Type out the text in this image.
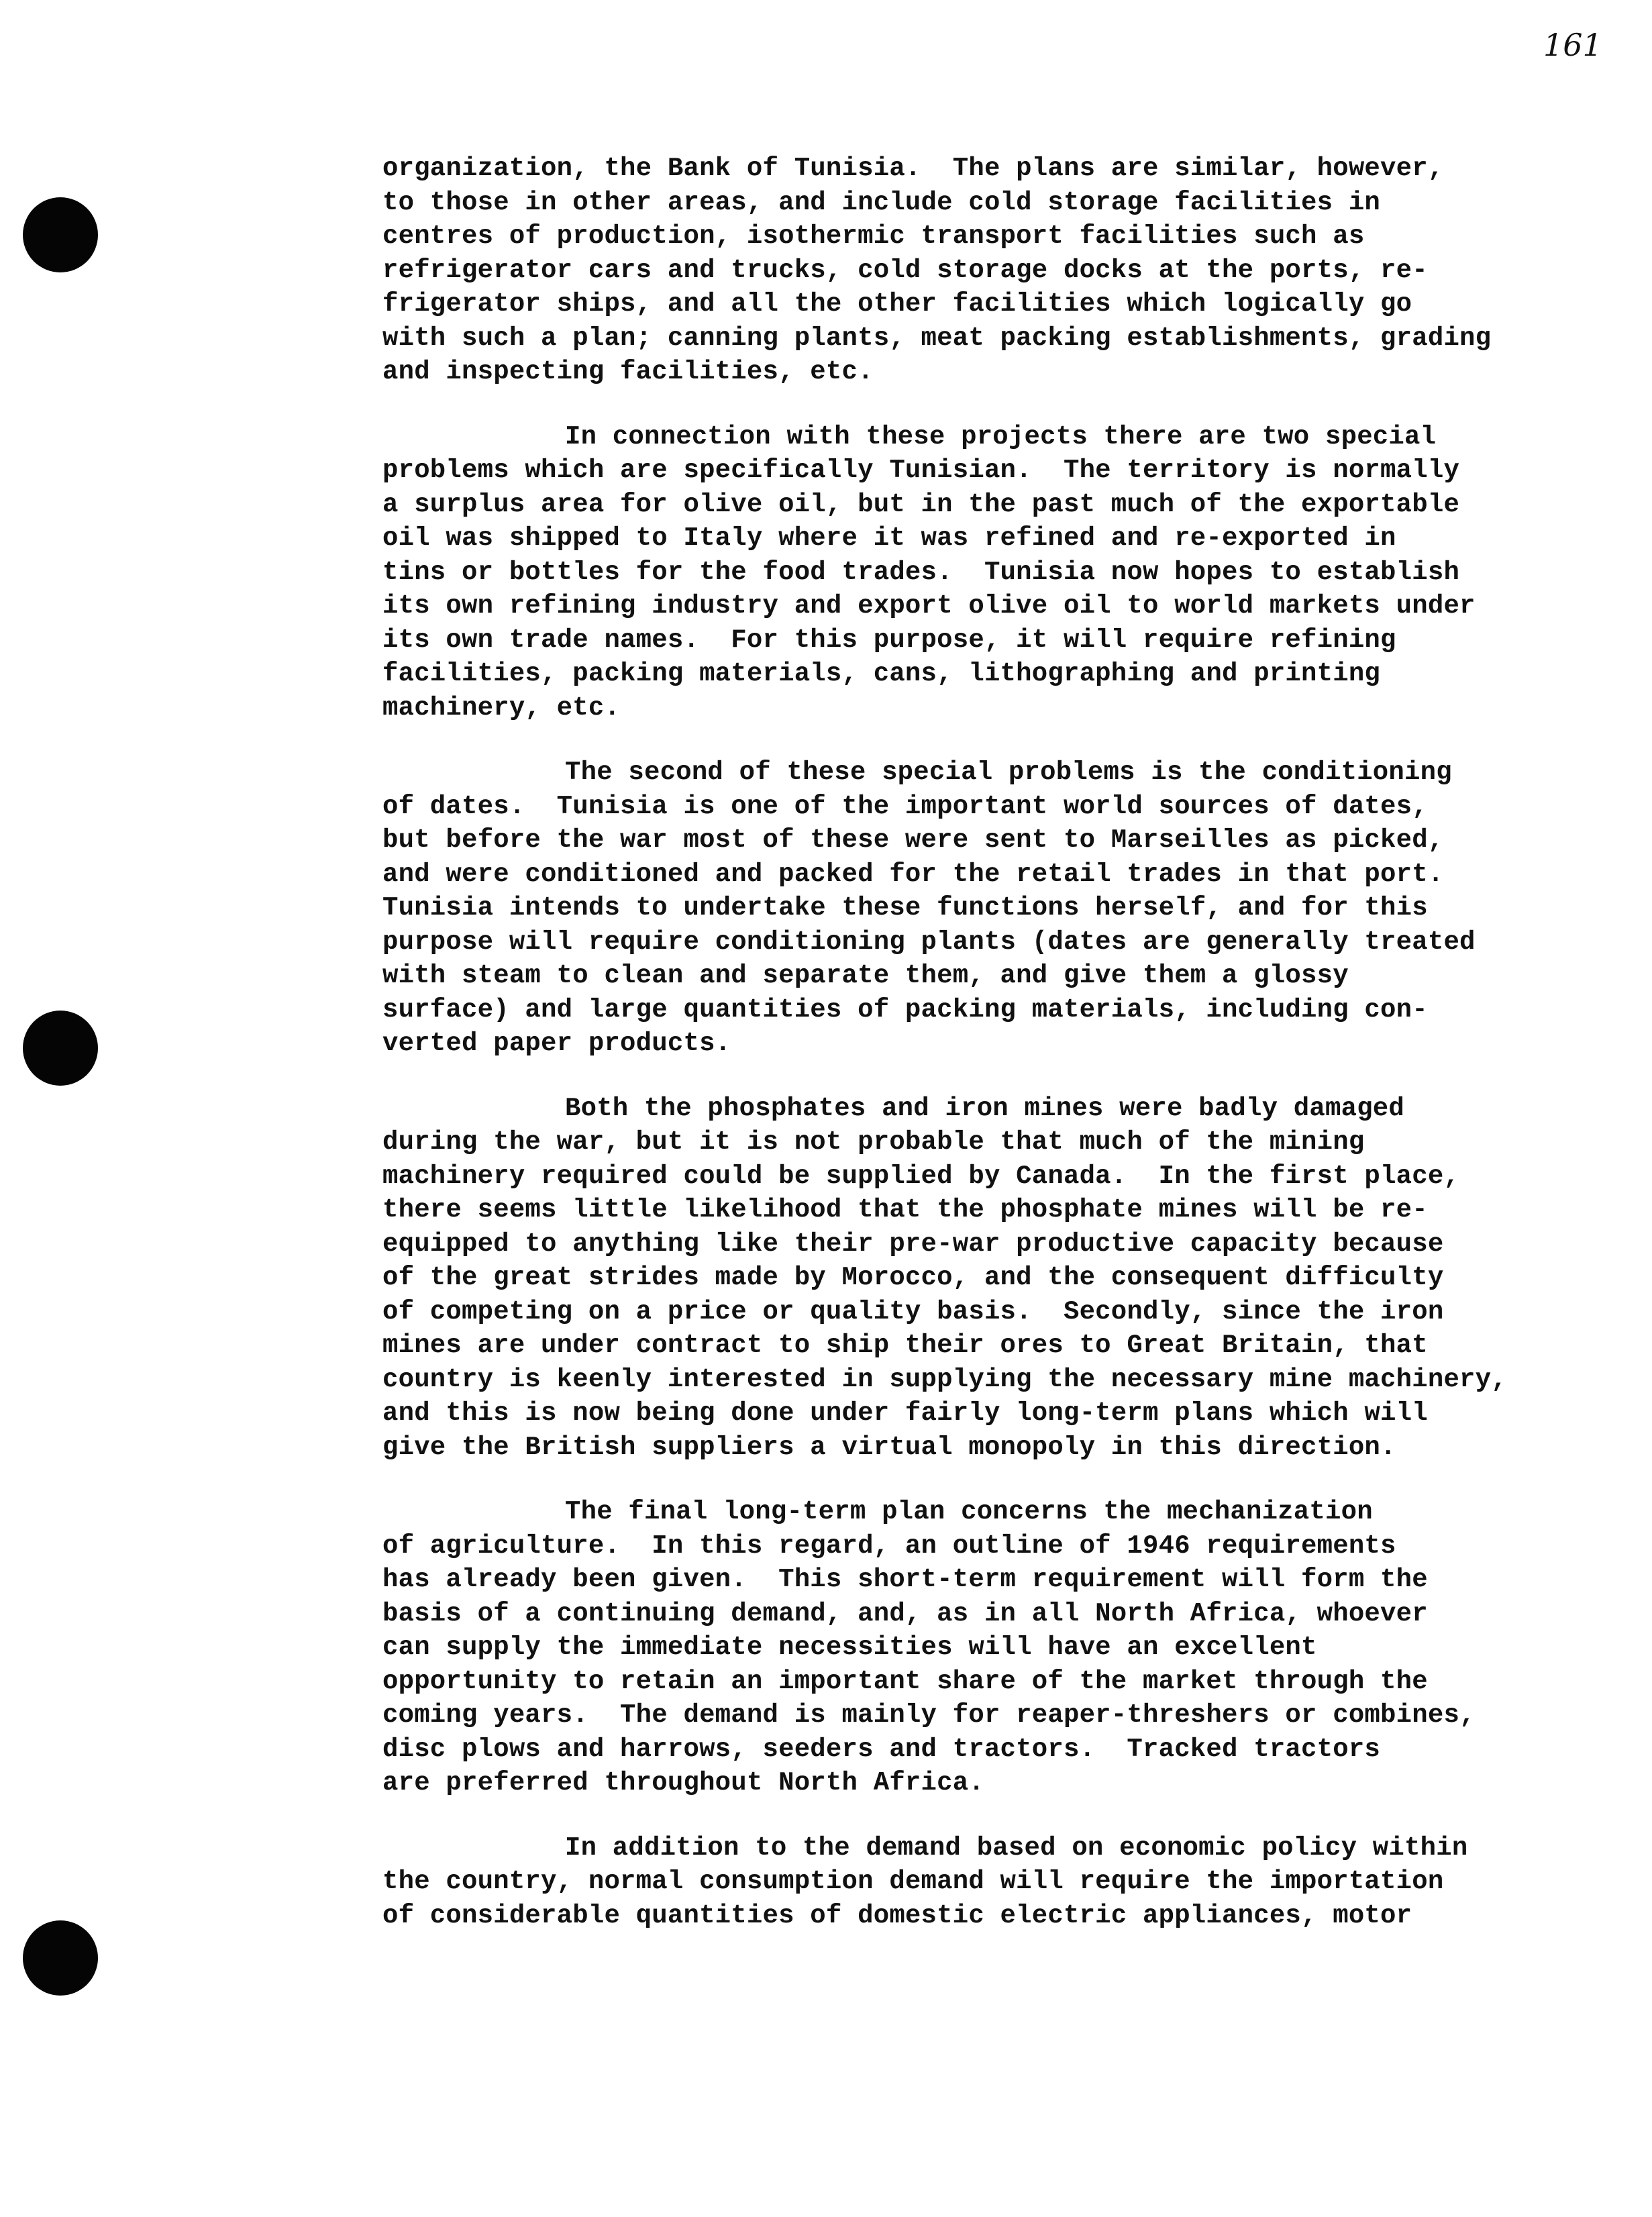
161
organization, the Bank of Tunisia.  The plans are similar, however,
to those in other areas, and include cold storage facilities in
centres of production, isothermic transport facilities such as
refrigerator cars and trucks, cold storage docks at the ports, re-
frigerator ships, and all the other facilities which logically go
with such a plan; canning plants, meat packing establishments, grading
and inspecting facilities, etc.
In connection with these projects there are two special
problems which are specifically Tunisian.  The territory is normally
a surplus area for olive oil, but in the past much of the exportable
oil was shipped to Italy where it was refined and re-exported in
tins or bottles for the food trades.  Tunisia now hopes to establish
its own refining industry and export olive oil to world markets under
its own trade names.  For this purpose, it will require refining
facilities, packing materials, cans, lithographing and printing
machinery, etc.
The second of these special problems is the conditioning
of dates.  Tunisia is one of the important world sources of dates,
but before the war most of these were sent to Marseilles as picked,
and were conditioned and packed for the retail trades in that port.
Tunisia intends to undertake these functions herself, and for this
purpose will require conditioning plants (dates are generally treated
with steam to clean and separate them, and give them a glossy
surface) and large quantities of packing materials, including con-
verted paper products.
Both the phosphates and iron mines were badly damaged
during the war, but it is not probable that much of the mining
machinery required could be supplied by Canada.  In the first place,
there seems little likelihood that the phosphate mines will be re-
equipped to anything like their pre-war productive capacity because
of the great strides made by Morocco, and the consequent difficulty
of competing on a price or quality basis.  Secondly, since the iron
mines are under contract to ship their ores to Great Britain, that
country is keenly interested in supplying the necessary mine machinery,
and this is now being done under fairly long-term plans which will
give the British suppliers a virtual monopoly in this direction.
The final long-term plan concerns the mechanization
of agriculture.  In this regard, an outline of 1946 requirements
has already been given.  This short-term requirement will form the
basis of a continuing demand, and, as in all North Africa, whoever
can supply the immediate necessities will have an excellent
opportunity to retain an important share of the market through the
coming years.  The demand is mainly for reaper-threshers or combines,
disc plows and harrows, seeders and tractors.  Tracked tractors
are preferred throughout North Africa.
In addition to the demand based on economic policy within
the country, normal consumption demand will require the importation
of considerable quantities of domestic electric appliances, motor
